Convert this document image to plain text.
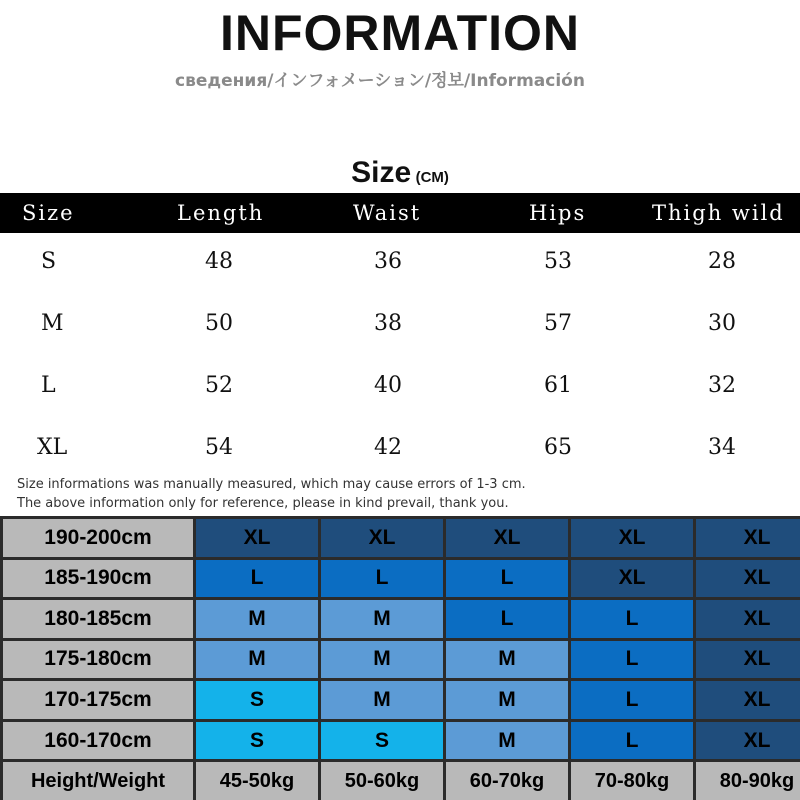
INFORMATION
сведения/インフォメーション/정보/Información
Size (CM)
Size	Length	Waist	Hips	Thigh wild
S	48	36	53	28
M	50	38	57	30
L	52	40	61	32
XL	54	42	65	34
Size informations was manually measured, which may cause errors of 1-3 cm.
The above information only for reference, please in kind prevail, thank you.
190-200cm	XL	XL	XL	XL	XL
185-190cm	L	L	L	XL	XL
180-185cm	M	M	L	L	XL
175-180cm	M	M	M	L	XL
170-175cm	S	M	M	L	XL
160-170cm	S	S	M	L	XL
Height/Weight	45-50kg	50-60kg	60-70kg	70-80kg	80-90kg
